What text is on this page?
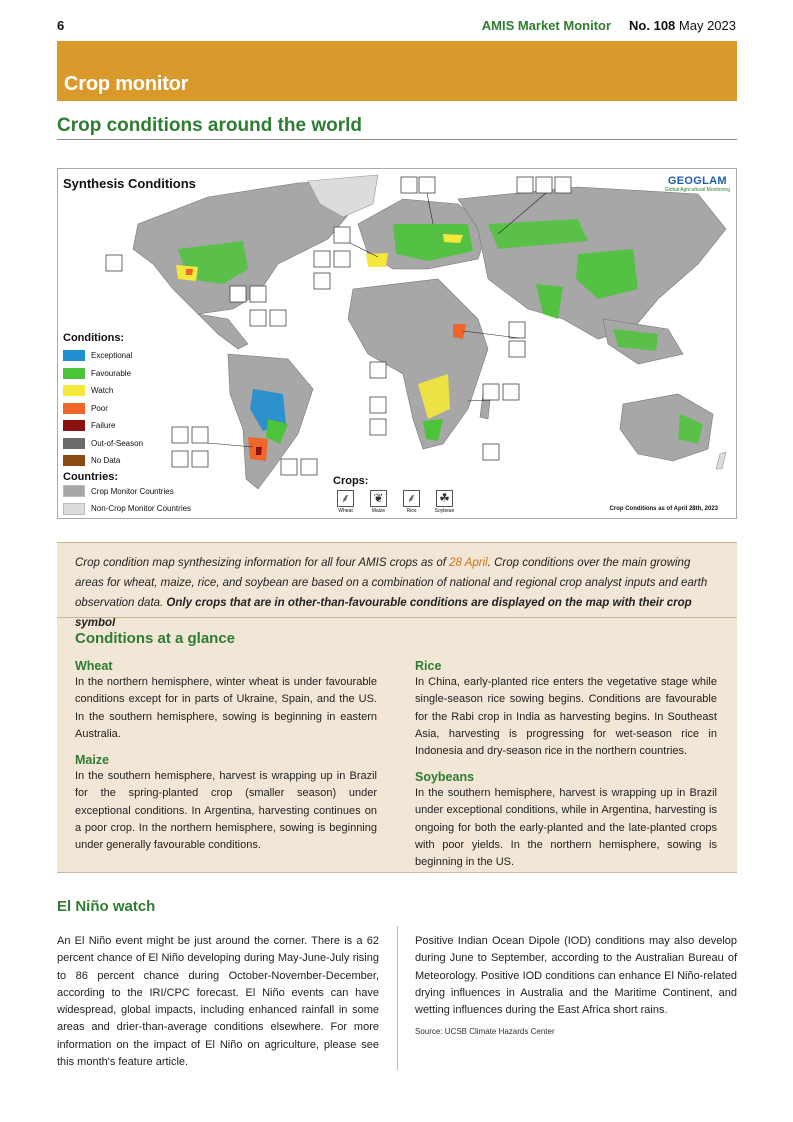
6	AMIS Market Monitor No. 108 May 2023
Crop monitor
Crop conditions around the world
Synthesis Conditions	GEOGLAM
Global Agricultural Monitoring
Conditions:
Exceptional
Favourable
Watch
Poor
Failure
Out-of-Season
No Data
Countries:
Crop Monitor Countries
Non-Crop Monitor Countries
Crops:
⸙
Wheat
❦
Maize
⸙
Rice
☘
Soybean	Crop Conditions as of April 28th, 2023

Crop condition map synthesizing information for all four AMIS crops as of 28 April. Crop conditions over the main growing areas for wheat, maize, rice, and soybean are based on a combination of national and regional crop analyst inputs and earth observation data. Only crops that are in other-than-favourable conditions are displayed on the map with their crop symbol

Conditions at a glance
Wheat

In the northern hemisphere, winter wheat is under favourable conditions except for in parts of Ukraine, Spain, and the US. In the southern hemisphere, sowing is beginning in eastern Australia.

Maize

In the southern hemisphere, harvest is wrapping up in Brazil for the spring-planted crop (smaller season) under exceptional conditions. In Argentina, harvesting continues on a poor crop. In the northern hemisphere, sowing is beginning under generally favourable conditions.

Rice

In China, early-planted rice enters the vegetative stage while single-season rice sowing begins. Conditions are favourable for the Rabi crop in India as harvesting begins. In Southeast Asia, harvesting is progressing for wet-season rice in Indonesia and dry-season rice in the northern countries.

Soybeans

In the southern hemisphere, harvest is wrapping up in Brazil under exceptional conditions, while in Argentina, harvesting is ongoing for both the early-planted and the late-planted crops with poor yields. In the northern hemisphere, sowing is beginning in the US.

El Niño watch

An El Niño event might be just around the corner. There is a 62 percent chance of El Niño developing during May-June-July rising to 86 percent chance during October-November-December, according to the IRI/CPC forecast. El Niño events can have widespread, global impacts, including enhanced rainfall in some areas and drier-than-average conditions elsewhere. For more information on the impact of El Niño on agriculture, please see this month's feature article.

Positive Indian Ocean Dipole (IOD) conditions may also develop during June to September, according to the Australian Bureau of Meteorology. Positive IOD conditions can enhance El Niño-related drying influences in Australia and the Maritime Continent, and wetting influences during the East Africa short rains.

Source: UCSB Climate Hazards Center
